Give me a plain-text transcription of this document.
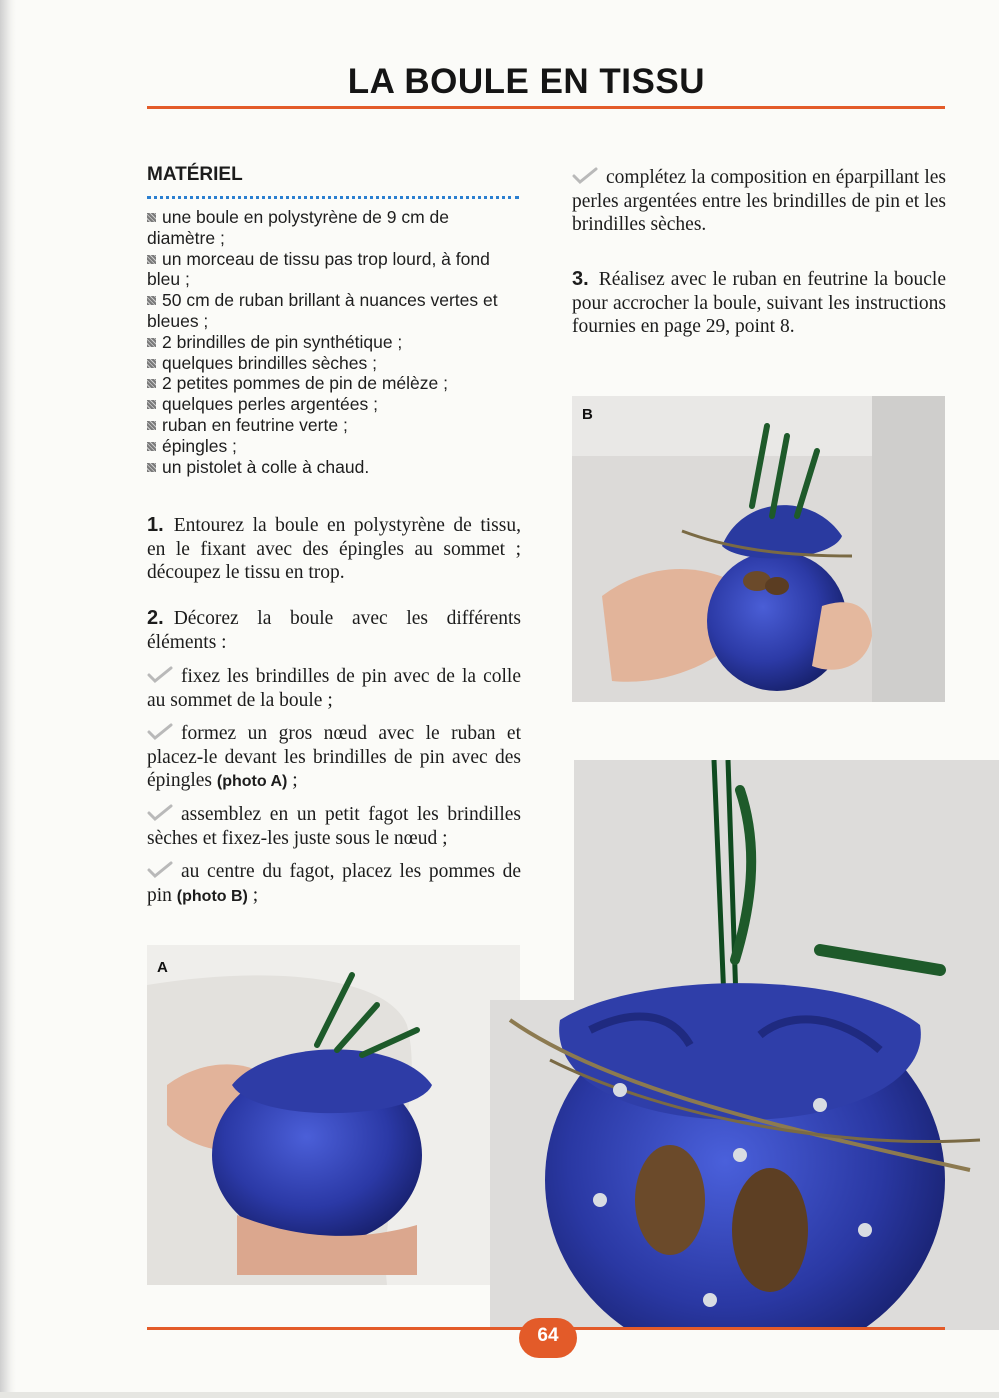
LA BOULE EN TISSU
MATÉRIEL
une boule en polystyrène de 9 cm de diamètre ;
un morceau de tissu pas trop lourd, à fond bleu ;
50 cm de ruban brillant à nuances vertes et bleues ;
2 brindilles de pin synthétique ;
quelques brindilles sèches ;
2 petites pommes de pin de mélèze ;
quelques perles argentées ;
ruban en feutrine verte ;
épingles ;
un pistolet à colle à chaud.

1. Entourez la boule en polystyrène de tissu, en le fixant avec des épingles au sommet ; découpez le tissu en trop.

2. Décorez la boule avec les différents éléments :

fixez les brindilles de pin avec de la colle au sommet de la boule ;

formez un gros nœud avec le ruban et placez-le devant les brindilles de pin avec des épingles (photo A) ;

assemblez en un petit fagot les brindilles sèches et fixez-les juste sous le nœud ;

au centre du fagot, placez les pommes de pin (photo B) ;

complétez la composition en éparpillant les perles argentées entre les brindilles de pin et les brindilles sèches.

3. Réalisez avec le ruban en feutrine la boucle pour accrocher la boule, suivant les instructions fournies en page 29, point 8.

B
A
64
